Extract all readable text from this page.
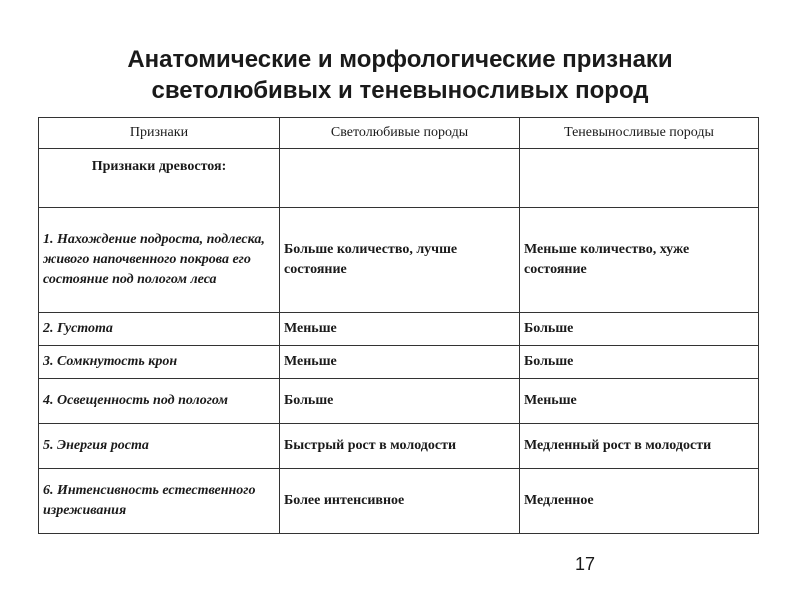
Анатомические и морфологические признаки
светолюбивых и теневыносливых пород
Признаки	Светолюбивые породы	Теневыносливые породы
Признаки древостоя:		
1. Нахождение подроста, подлеска, живого напочвенного покрова его состояние под пологом леса	Больше количество, лучше состояние	Меньше количество, хуже состояние
2. Густота	Меньше	Больше
3. Сомкнутость крон	Меньше	Больше
4. Освещенность под пологом	Больше	Меньше
5. Энергия роста	Быстрый рост в молодости	Медленный рост в молодости
6. Интенсивность естественного изреживания	Более интенсивное	Медленное
17
